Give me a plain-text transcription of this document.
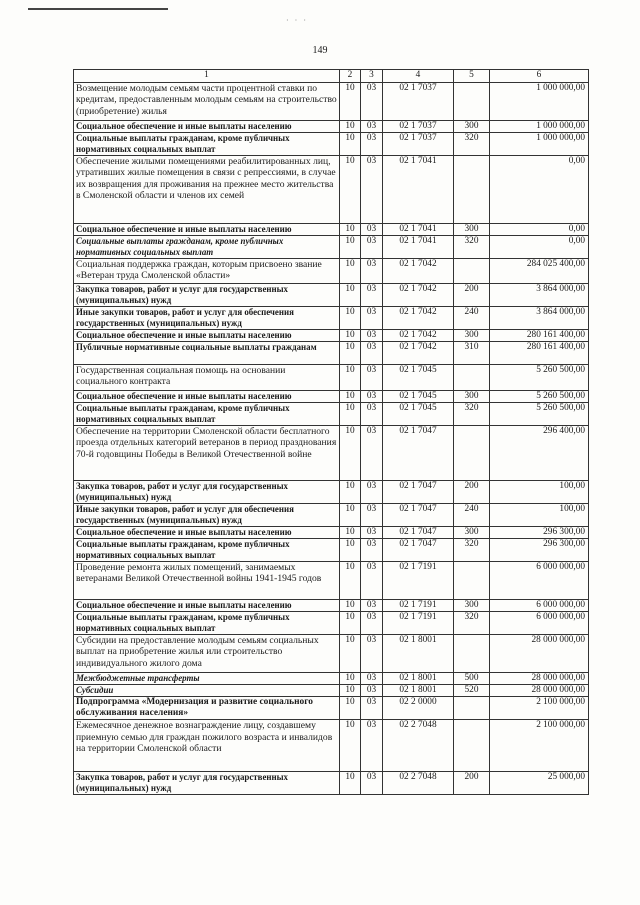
· · ·
149
1	2	3	4	5	6
Возмещение молодым семьям части процентной ставки по кредитам, предоставленным молодым семьям на строительство (приобретение) жилья	10	03	02 1 7037		1 000 000,00
Социальное обеспечение и иные выплаты населению	10	03	02 1 7037	300	1 000 000,00
Социальные выплаты гражданам, кроме публичных нормативных социальных выплат	10	03	02 1 7037	320	1 000 000,00
Обеспечение жилыми помещениями реабилитированных лиц, утративших жилые помещения в связи с репрессиями, в случае их возвращения для проживания на прежнее место жительства в Смоленской области и членов их семей	10	03	02 1 7041		0,00
Социальное обеспечение и иные выплаты населению	10	03	02 1 7041	300	0,00
Социальные выплаты гражданам, кроме публичных нормативных социальных выплат	10	03	02 1 7041	320	0,00
Социальная поддержка граждан, которым присвоено звание «Ветеран труда Смоленской области»	10	03	02 1 7042		284 025 400,00
Закупка товаров, работ и услуг для государственных (муниципальных) нужд	10	03	02 1 7042	200	3 864 000,00
Иные закупки товаров, работ и услуг для обеспечения государственных (муниципальных) нужд	10	03	02 1 7042	240	3 864 000,00
Социальное обеспечение и иные выплаты населению	10	03	02 1 7042	300	280 161 400,00
Публичные нормативные социальные выплаты гражданам	10	03	02 1 7042	310	280 161 400,00
Государственная социальная помощь на основании социального контракта	10	03	02 1 7045		5 260 500,00
Социальное обеспечение и иные выплаты населению	10	03	02 1 7045	300	5 260 500,00
Социальные выплаты гражданам, кроме публичных нормативных социальных выплат	10	03	02 1 7045	320	5 260 500,00
Обеспечение на территории Смоленской области бесплатного проезда отдельных категорий ветеранов в период празднования 70-й годовщины Победы в Великой Отечественной войне	10	03	02 1 7047		296 400,00
Закупка товаров, работ и услуг для государственных (муниципальных) нужд	10	03	02 1 7047	200	100,00
Иные закупки товаров, работ и услуг для обеспечения государственных (муниципальных) нужд	10	03	02 1 7047	240	100,00
Социальное обеспечение и иные выплаты населению	10	03	02 1 7047	300	296 300,00
Социальные выплаты гражданам, кроме публичных нормативных социальных выплат	10	03	02 1 7047	320	296 300,00
Проведение ремонта жилых помещений, занимаемых ветеранами Великой Отечественной войны 1941-1945 годов	10	03	02 1 7191		6 000 000,00
Социальное обеспечение и иные выплаты населению	10	03	02 1 7191	300	6 000 000,00
Социальные выплаты гражданам, кроме публичных нормативных социальных выплат	10	03	02 1 7191	320	6 000 000,00
Субсидии на предоставление молодым семьям социальных выплат на приобретение жилья или строительство индивидуального жилого дома	10	03	02 1 8001		28 000 000,00
Межбюджетные трансферты	10	03	02 1 8001	500	28 000 000,00
Субсидии	10	03	02 1 8001	520	28 000 000,00
Подпрограмма «Модернизация и развитие социального обслуживания населения»	10	03	02 2 0000		2 100 000,00
Ежемесячное денежное вознаграждение лицу, создавшему приемную семью для граждан пожилого возраста и инвалидов на территории Смоленской области	10	03	02 2 7048		2 100 000,00
Закупка товаров, работ и услуг для государственных (муниципальных) нужд	10	03	02 2 7048	200	25 000,00
